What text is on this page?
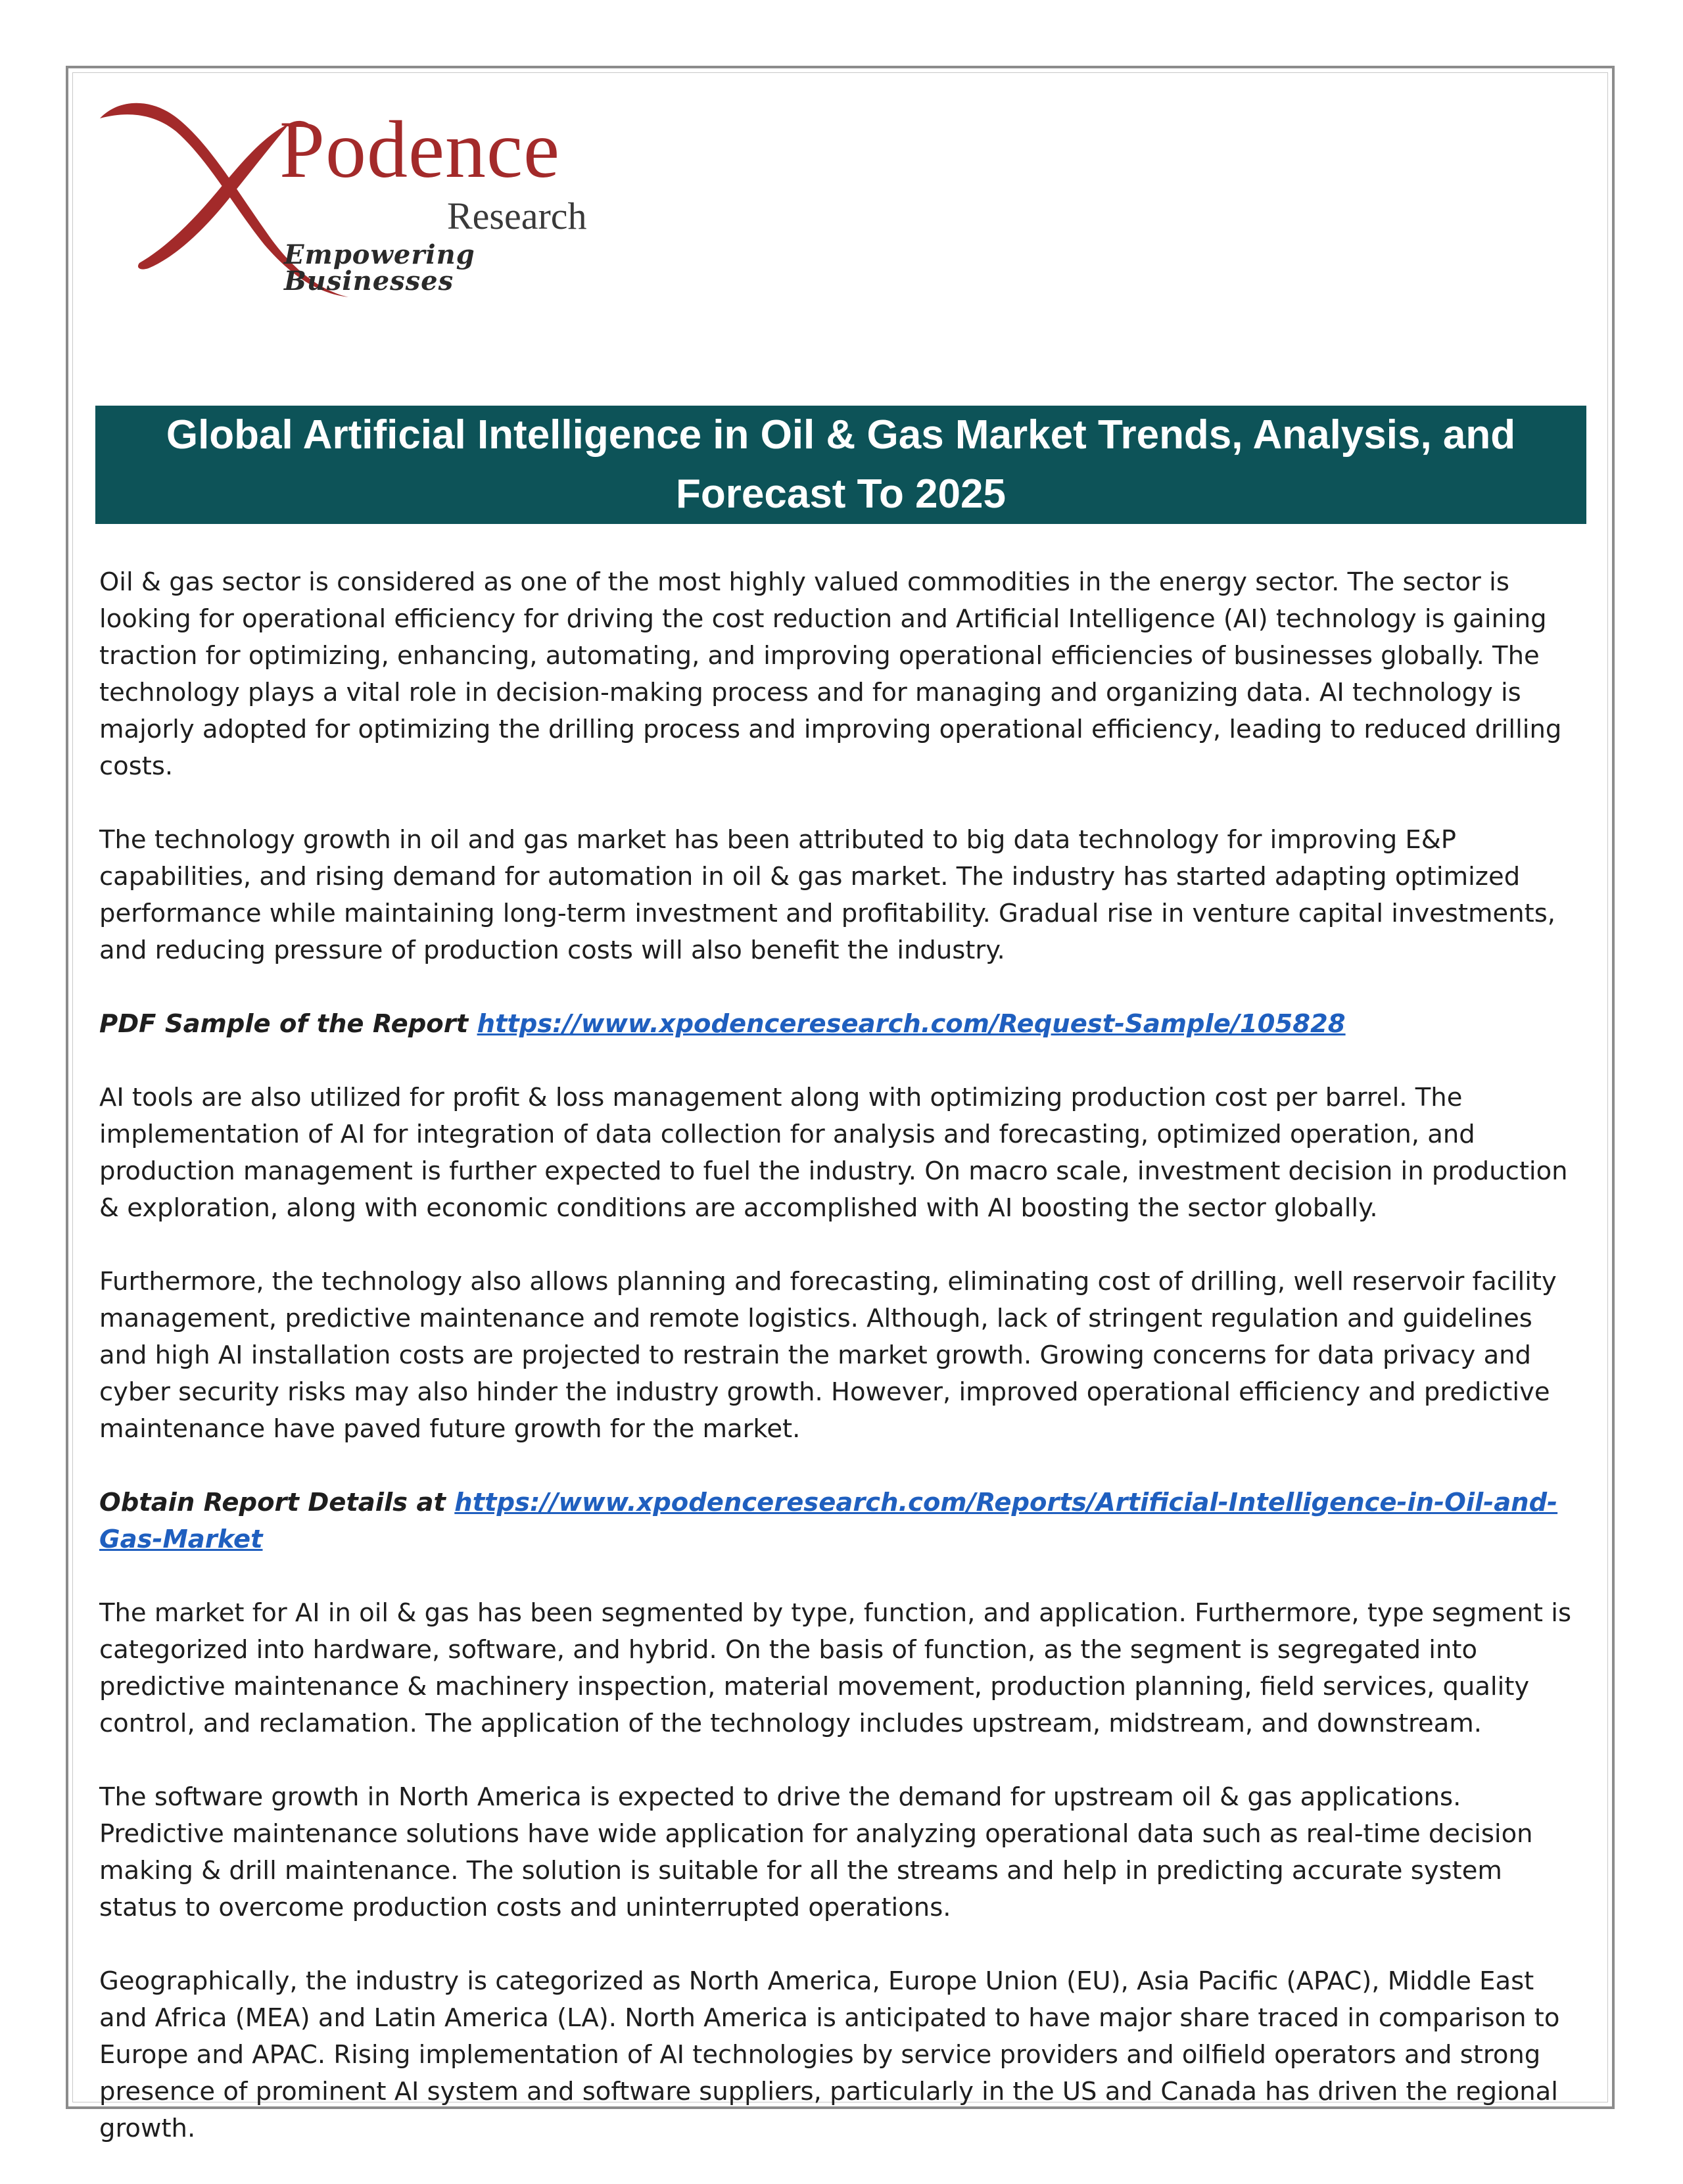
Podence
Research
Empowering Businesses
Global Artificial Intelligence in Oil & Gas Market Trends, Analysis, and
Forecast To 2025

Oil & gas sector is considered as one of the most highly valued commodities in the energy sector. The sector is looking for operational efficiency for driving the cost reduction and Artificial Intelligence (AI) technology is gaining traction for optimizing, enhancing, automating, and improving operational efficiencies of businesses globally. The technology plays a vital role in decision-making process and for managing and organizing data. AI technology is majorly adopted for optimizing the drilling process and improving operational efficiency, leading to reduced drilling costs.

The technology growth in oil and gas market has been attributed to big data technology for improving E&P capabilities, and rising demand for automation in oil & gas market. The industry has started adapting optimized performance while maintaining long-term investment and profitability. Gradual rise in venture capital investments, and reducing pressure of production costs will also benefit the industry.

PDF Sample of the Report https://www.xpodenceresearch.com/Request-Sample/105828

AI tools are also utilized for profit & loss management along with optimizing production cost per barrel. The implementation of AI for integration of data collection for analysis and forecasting, optimized operation, and production management is further expected to fuel the industry. On macro scale, investment decision in production & exploration, along with economic conditions are accomplished with AI boosting the sector globally.

Furthermore, the technology also allows planning and forecasting, eliminating cost of drilling, well reservoir facility management, predictive maintenance and remote logistics. Although, lack of stringent regulation and guidelines and high AI installation costs are projected to restrain the market growth. Growing concerns for data privacy and cyber security risks may also hinder the industry growth. However, improved operational efficiency and predictive maintenance have paved future growth for the market.

Obtain Report Details at https://www.xpodenceresearch.com/Reports/Artificial-Intelligence-in-Oil-and-Gas-Market

The market for AI in oil & gas has been segmented by type, function, and application. Furthermore, type segment is categorized into hardware, software, and hybrid. On the basis of function, as the segment is segregated into predictive maintenance & machinery inspection, material movement, production planning, field services, quality control, and reclamation. The application of the technology includes upstream, midstream, and downstream.

The software growth in North America is expected to drive the demand for upstream oil & gas applications. Predictive maintenance solutions have wide application for analyzing operational data such as real-time decision making & drill maintenance. The solution is suitable for all the streams and help in predicting accurate system status to overcome production costs and uninterrupted operations.

Geographically, the industry is categorized as North America, Europe Union (EU), Asia Pacific (APAC), Middle East and Africa (MEA) and Latin America (LA). North America is anticipated to have major share traced in comparison to Europe and APAC. Rising implementation of AI technologies by service providers and oilfield operators and strong presence of prominent AI system and software suppliers, particularly in the US and Canada has driven the regional growth.
